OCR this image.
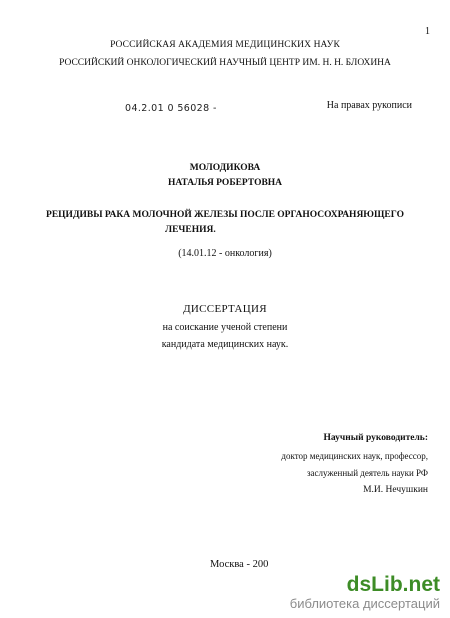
1
РОССИЙСКАЯ АКАДЕМИЯ МЕДИЦИНСКИХ НАУК
РОССИЙСКИЙ ОНКОЛОГИЧЕСКИЙ НАУЧНЫЙ ЦЕНТР ИМ. Н. Н. БЛОХИНА
04.2.01 0 56028 -	На правах рукописи
МОЛОДИКОВА
НАТАЛЬЯ РОБЕРТОВНА
РЕЦИДИВЫ РАКА МОЛОЧНОЙ ЖЕЛЕЗЫ ПОСЛЕ ОРГАНОСОХРАНЯЮЩЕГО
ЛЕЧЕНИЯ.
(14.01.12 - онкология)
ДИССЕРТАЦИЯ
на соискание ученой степени
кандидата медицинских наук.
Научный руководитель:
доктор медицинских наук, профессор,
заслуженный деятель науки РФ
М.И. Нечушкин
Москва - 200
dsLib.net
библиотека диссертаций
